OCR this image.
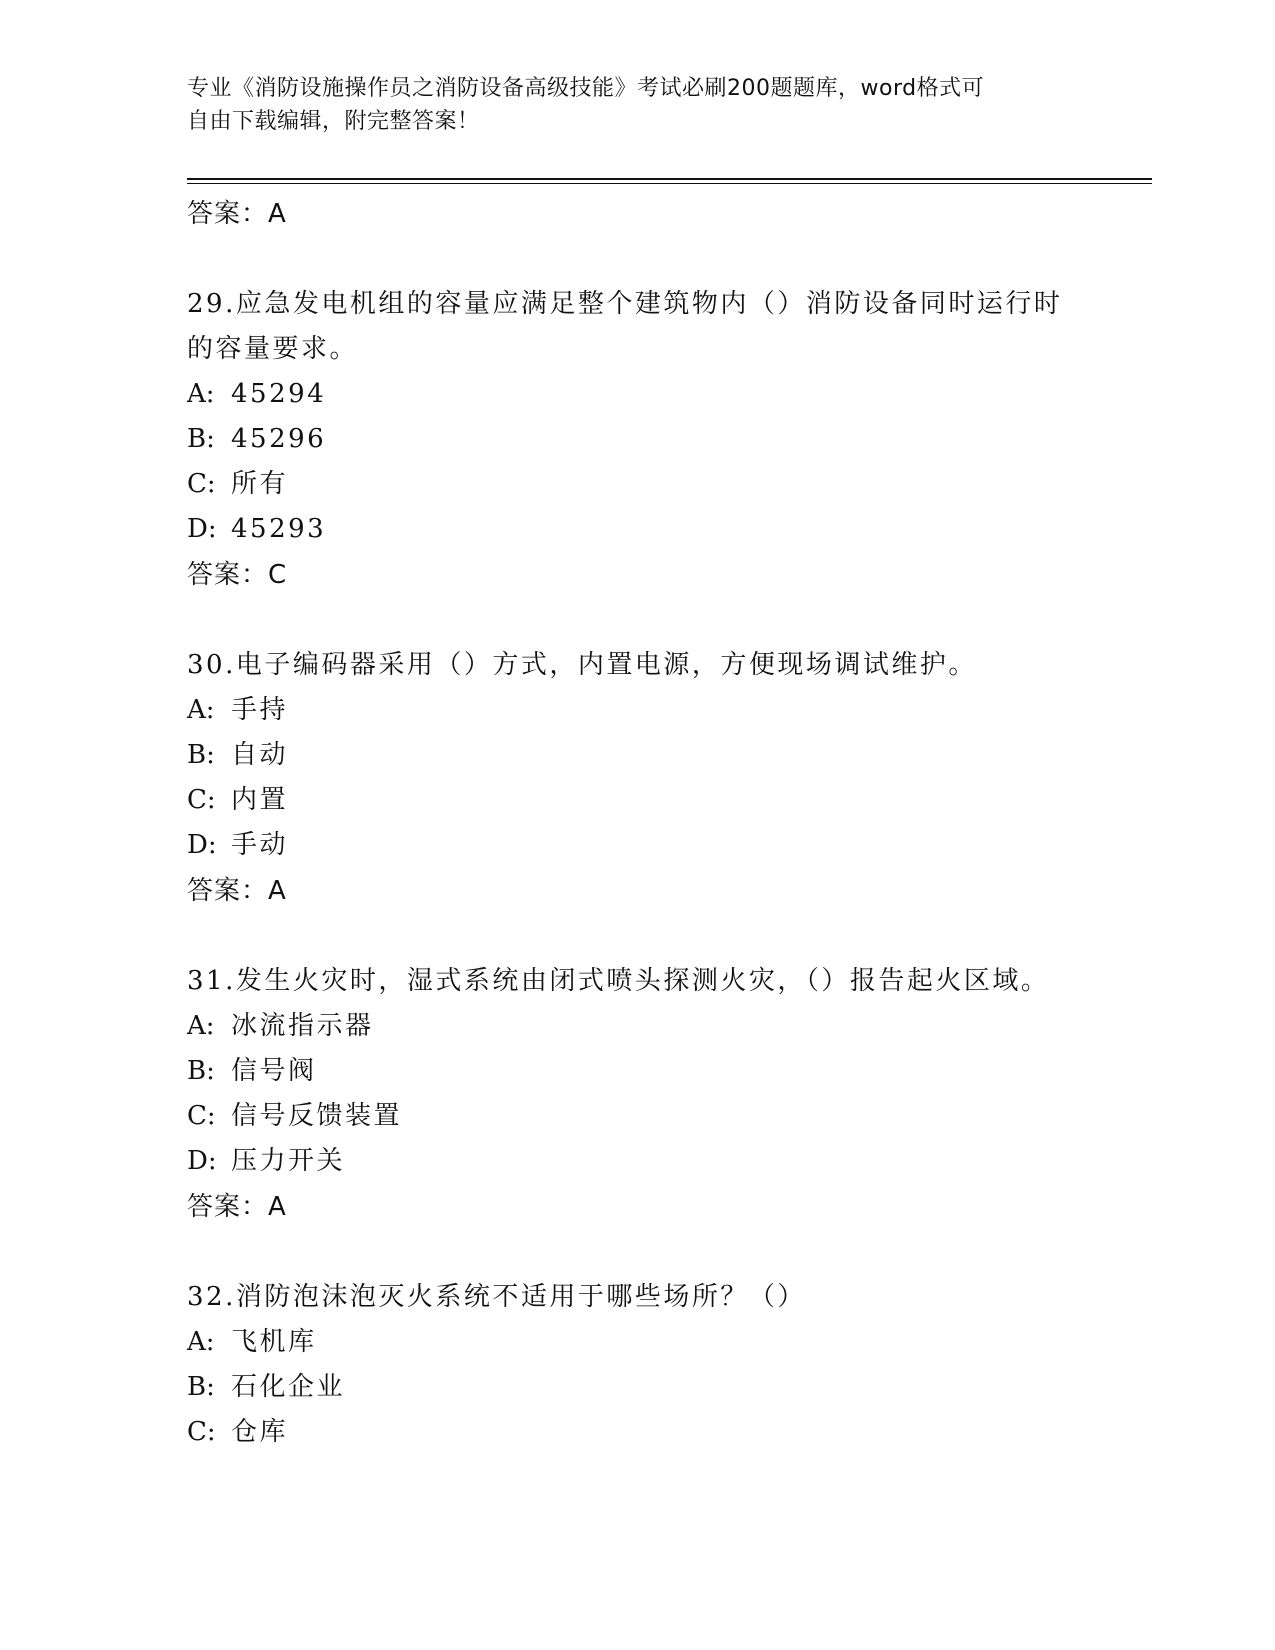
专业《消防设施操作员之消防设备高级技能》考试必刷200题题库，word格式可
自由下载编辑，附完整答案！
答案：A
29.应急发电机组的容量应满足整个建筑物内（）消防设备同时运行时
的容量要求。
A: 45294
B: 45296
C: 所有
D: 45293
答案：C
30.电子编码器采用（）方式，内置电源，方便现场调试维护。
A: 手持
B: 自动
C: 内置
D: 手动
答案：A
31.发生火灾时，湿式系统由闭式喷头探测火灾，（）报告起火区域。
A: 冰流指示器
B: 信号阀
C: 信号反馈装置
D: 压力开关
答案：A
32.消防泡沫泡灭火系统不适用于哪些场所？（）
A: 飞机库
B: 石化企业
C: 仓库
